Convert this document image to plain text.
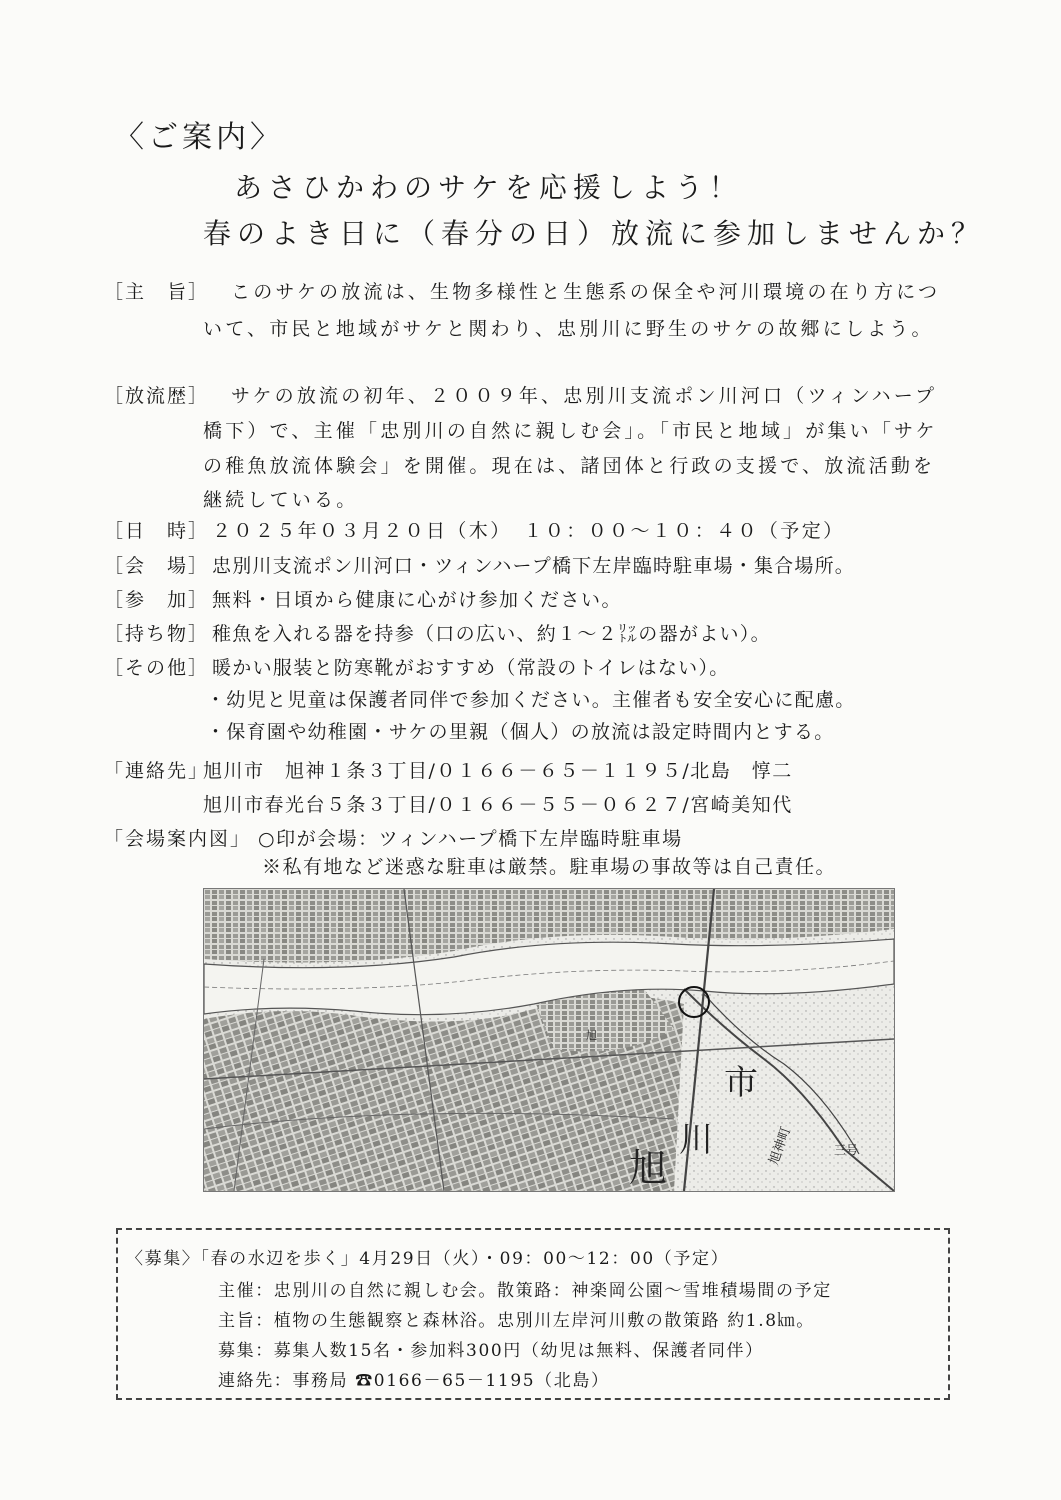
〈ご案内〉
あさひかわのサケを応援しよう！
春のよき日に（春分の日）放流に参加しませんか？
［主　旨］ このサケの放流は、生物多様性と生態系の保全や河川環境の在り方につ
いて、市民と地域がサケと関わり、忠別川に野生のサケの故郷にしよう。
［放流歴］ サケの放流の初年、２００９年、忠別川支流ポン川河口（ツィンハープ
橋下）で、主催「忠別川の自然に親しむ会」。「市民と地域」が集い「サケ
の稚魚放流体験会」を開催。現在は、諸団体と行政の支援で、放流活動を
継続している。
［日　時］ ２０２５年０３月２０日（木）　１０：００～１０：４０（予定）
［会　場］ 忠別川支流ポン川河口・ツィンハープ橋下左岸臨時駐車場・集合場所。
［参　加］ 無料・日頃から健康に心がけ参加ください。
［持ち物］ 稚魚を入れる器を持参（口の広い、約１～２㍑の器がよい）。
［その他］ 暖かい服装と防寒靴がおすすめ（常設のトイレはない）。
・幼児と児童は保護者同伴で参加ください。主催者も安全安心に配慮。
・保育園や幼稚園・サケの里親（個人）の放流は設定時間内とする。
「連絡先」
旭川市　旭神１条３丁目/０１６６－６５－１１９５/北島　惇二
旭川市春光台５条３丁目/０１６６－５５－０６２７/宮崎美知代
「会場案内図」 ○印が会場：ツィンハープ橋下左岸臨時駐車場
※私有地など迷惑な駐車は厳禁。駐車場の事故等は自己責任。
旭
川
市
旭神町
旭
三号
〈募集〉「春の水辺を歩く」4月29日（火）・09：00～12：00（予定）
主催：忠別川の自然に親しむ会。散策路：神楽岡公園～雪堆積場間の予定
主旨：植物の生態観察と森林浴。忠別川左岸河川敷の散策路 約1.8㎞。
募集：募集人数15名・参加料300円（幼児は無料、保護者同伴）
連絡先：事務局 ☎0166－65－1195（北島）
